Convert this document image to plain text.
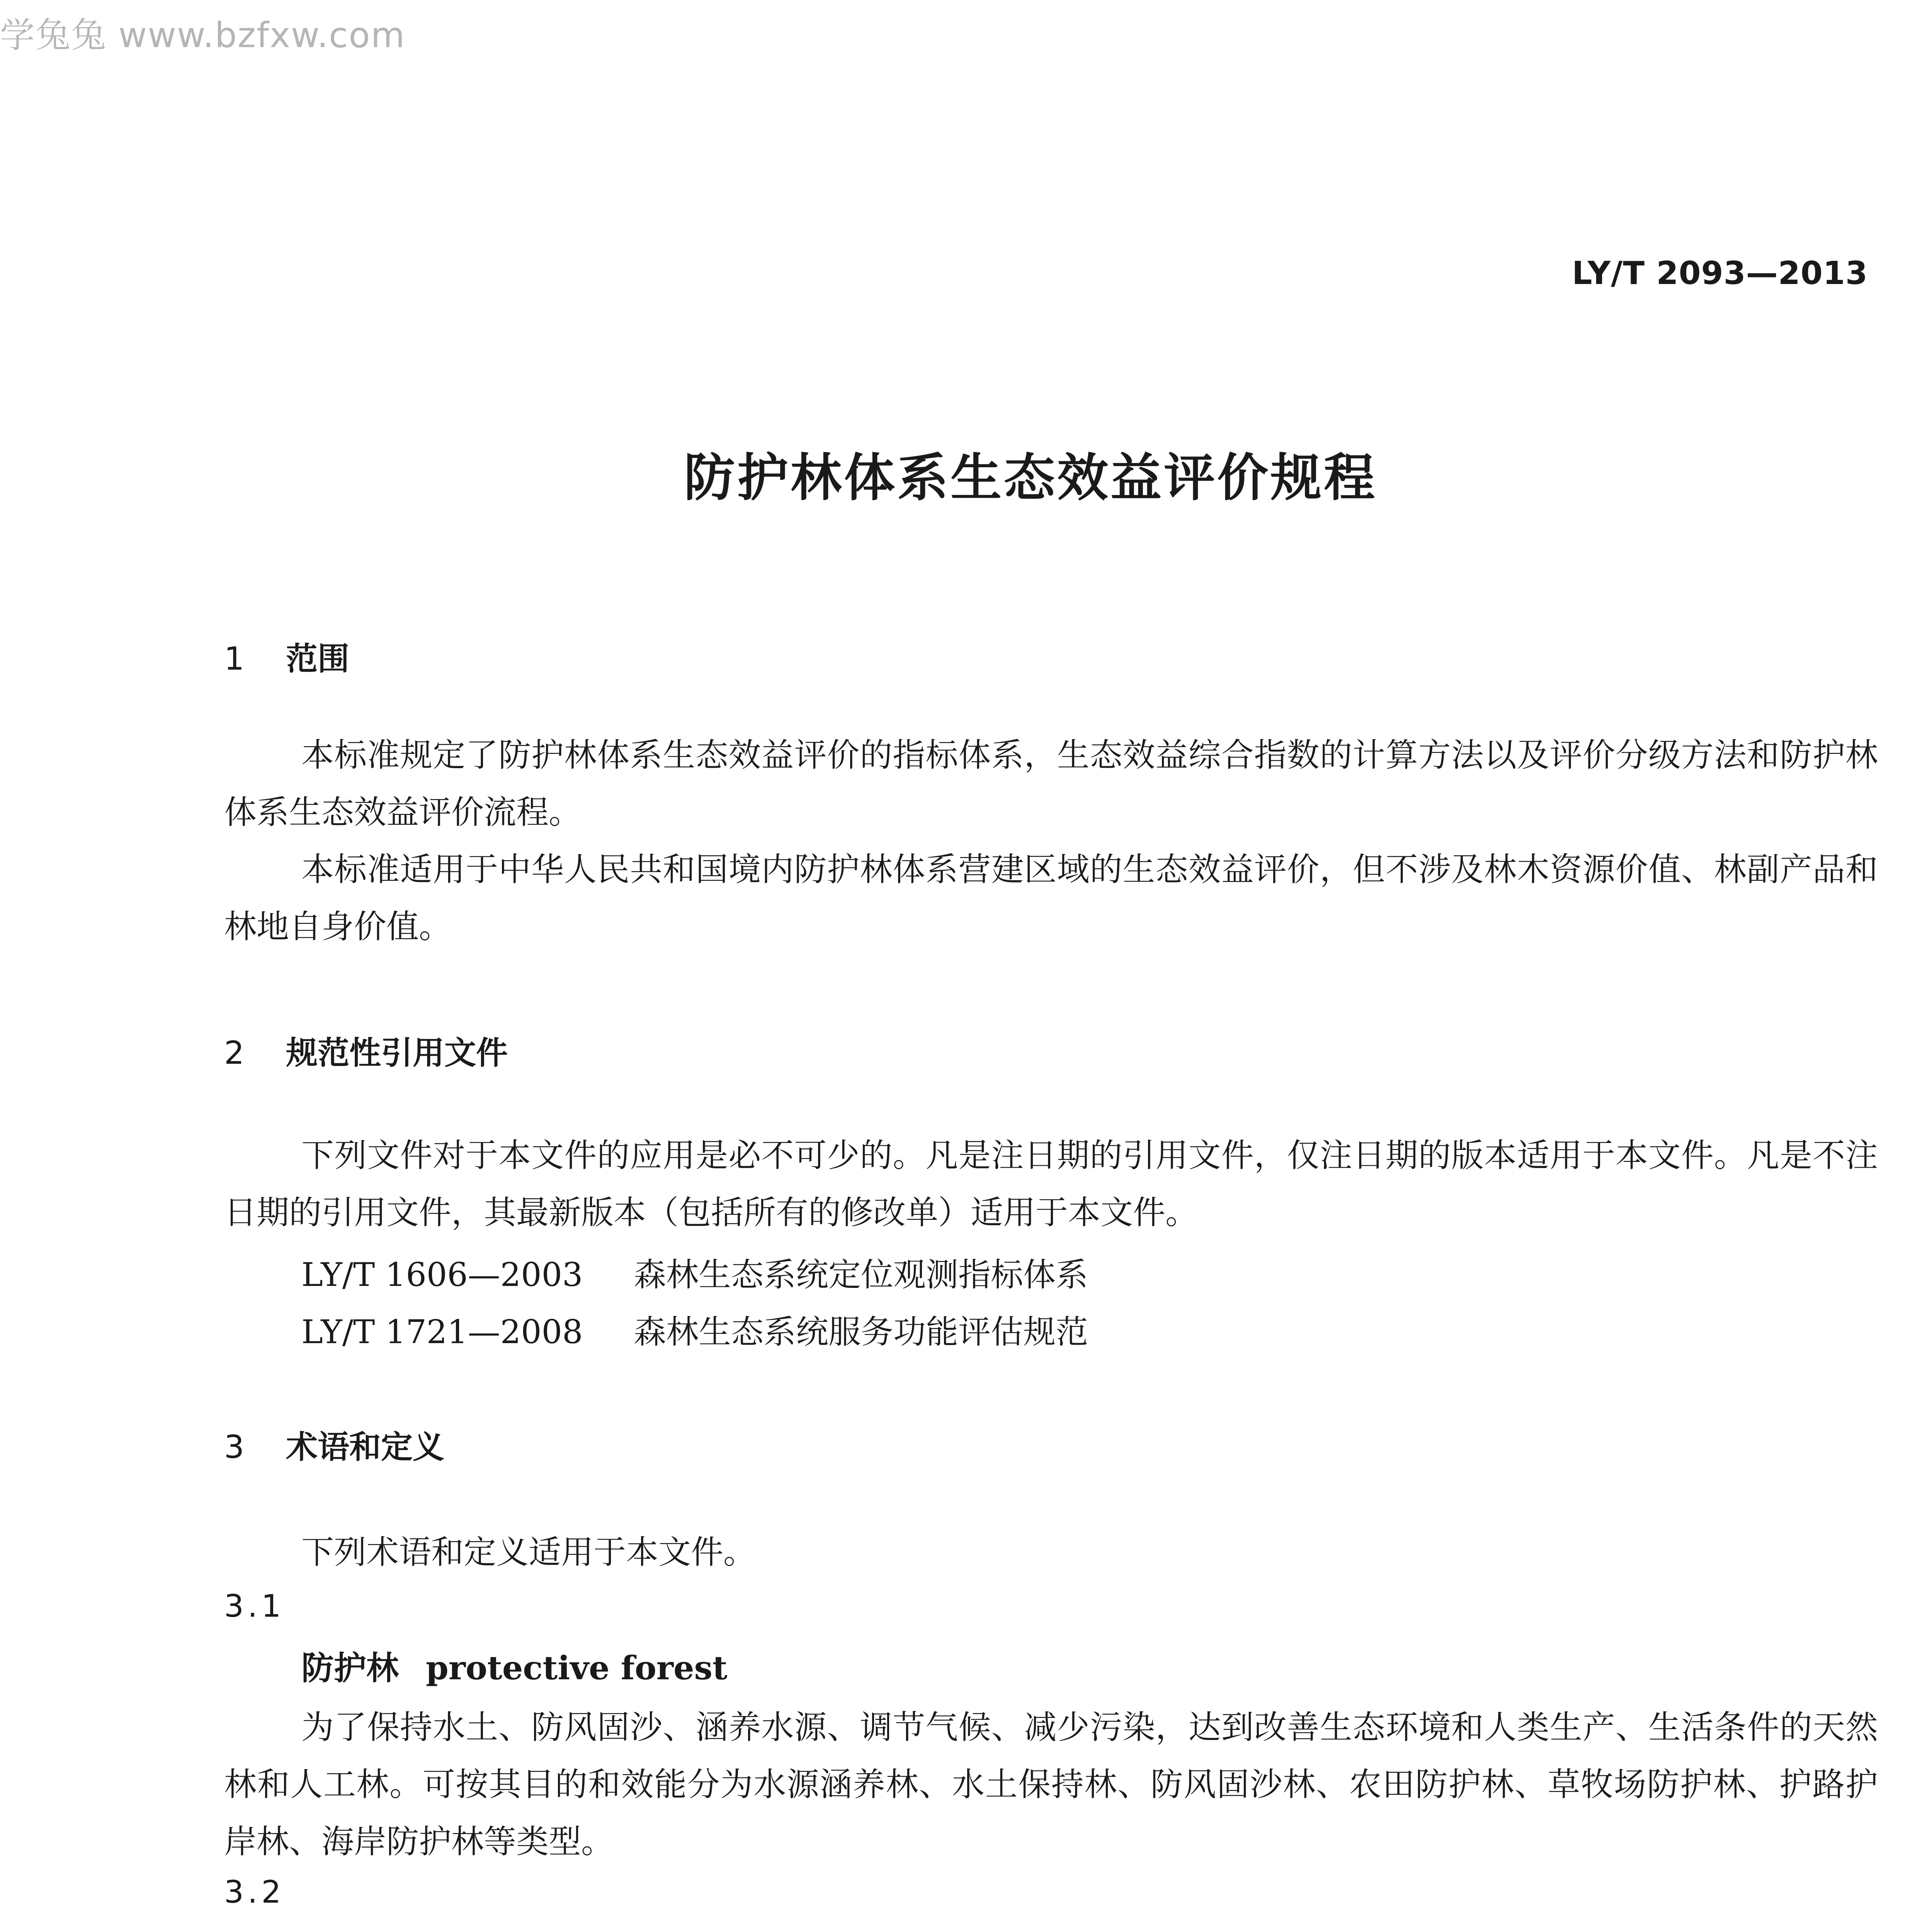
学兔兔 www.bzfxw.com
LY/T 2093—2013
防护林体系生态效益评价规程
1 范围

本标准规定了防护林体系生态效益评价的指标体系，生态效益综合指数的计算方法以及评价分级方法和防护林体系生态效益评价流程。

本标准适用于中华人民共和国境内防护林体系营建区域的生态效益评价，但不涉及林木资源价值、林副产品和林地自身价值。

2 规范性引用文件

下列文件对于本文件的应用是必不可少的。凡是注日期的引用文件，仅注日期的版本适用于本文件。凡是不注日期的引用文件，其最新版本（包括所有的修改单）适用于本文件。

LY/T 1606—2003 森林生态系统定位观测指标体系
LY/T 1721—2008 森林生态系统服务功能评估规范
3 术语和定义
下列术语和定义适用于本文件。
3.1
防护林 protective forest

为了保持水土、防风固沙、涵养水源、调节气候、减少污染，达到改善生态环境和人类生产、生活条件的天然林和人工林。可按其目的和效能分为水源涵养林、水土保持林、防风固沙林、农田防护林、草牧场防护林、护路护岸林、海岸防护林等类型。

3.2
